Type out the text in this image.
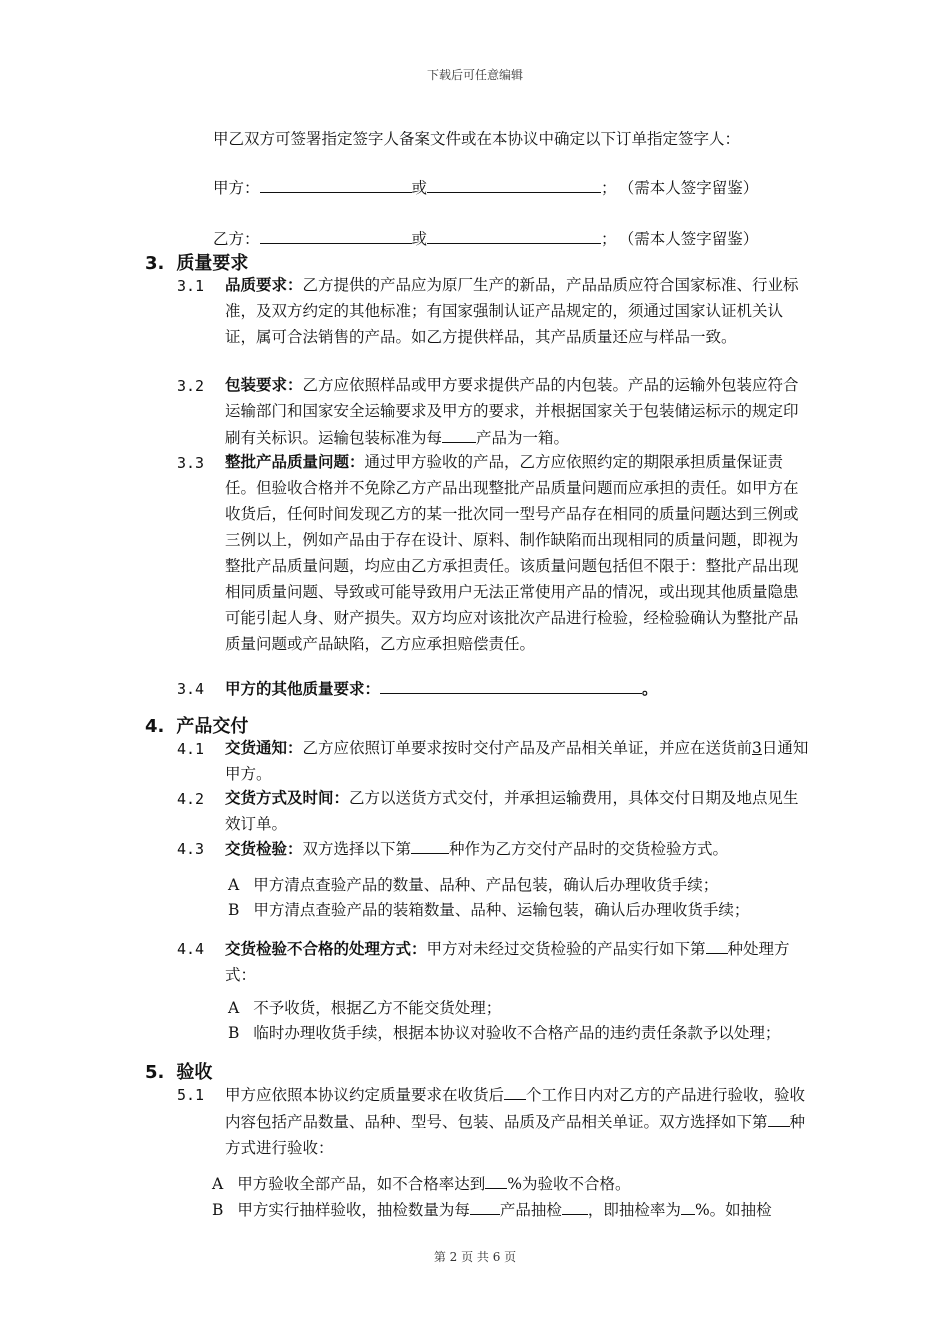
下载后可任意编辑
甲乙双方可签署指定签字人备案文件或在本协议中确定以下订单指定签字人：
甲方：	或	； （需本人签字留鉴）
乙方：	或	； （需本人签字留鉴）
3. 质量要求
3.1 品质要求：乙方提供的产品应为原厂生产的新品，产品品质应符合国家标准、行业标准，及双方约定的其他标准；有国家强制认证产品规定的，须通过国家认证机关认证，属可合法销售的产品。如乙方提供样品，其产品质量还应与样品一致。
3.2 包装要求：乙方应依照样品或甲方要求提供产品的内包装。产品的运输外包装应符合运输部门和国家安全运输要求及甲方的要求，并根据国家关于包装储运标示的规定印刷有关标识。运输包装标准为每 产品为一箱。
3.3 整批产品质量问题：通过甲方验收的产品，乙方应依照约定的期限承担质量保证责任。但验收合格并不免除乙方产品出现整批产品质量问题而应承担的责任。如甲方在收货后，任何时间发现乙方的某一批次同一型号产品存在相同的质量问题达到三例或三例以上，例如产品由于存在设计、原料、制作缺陷而出现相同的质量问题，即视为整批产品质量问题，均应由乙方承担责任。该质量问题包括但不限于：整批产品出现相同质量问题、导致或可能导致用户无法正常使用产品的情况，或出现其他质量隐患可能引起人身、财产损失。双方均应对该批次产品进行检验，经检验确认为整批产品质量问题或产品缺陷，乙方应承担赔偿责任。
3.4 甲方的其他质量要求：	。
4. 产品交付
4.1 交货通知：乙方应依照订单要求按时交付产品及产品相关单证，并应在送货前3日通知甲方。
4.2 交货方式及时间：乙方以送货方式交付，并承担运输费用，具体交付日期及地点见生效订单。
4.3 交货检验：双方选择以下第 种作为乙方交付产品时的交货检验方式。
A 甲方清点查验产品的数量、品种、产品包装，确认后办理收货手续；
B 甲方清点查验产品的装箱数量、品种、运输包装，确认后办理收货手续；
4.4 交货检验不合格的处理方式：甲方对未经过交货检验的产品实行如下第 种处理方式：
A 不予收货，根据乙方不能交货处理；
B 临时办理收货手续，根据本协议对验收不合格产品的违约责任条款予以处理；
5. 验收
5.1 甲方应依照本协议约定质量要求在收货后 个工作日内对乙方的产品进行验收，验收内容包括产品数量、品种、型号、包装、品质及产品相关单证。双方选择如下第 种方式进行验收：
A 甲方验收全部产品，如不合格率达到 %为验收不合格。
B 甲方实行抽样验收，抽检数量为每 产品抽检 ，即抽检率为 %。如抽检
第 2 页 共 6 页
